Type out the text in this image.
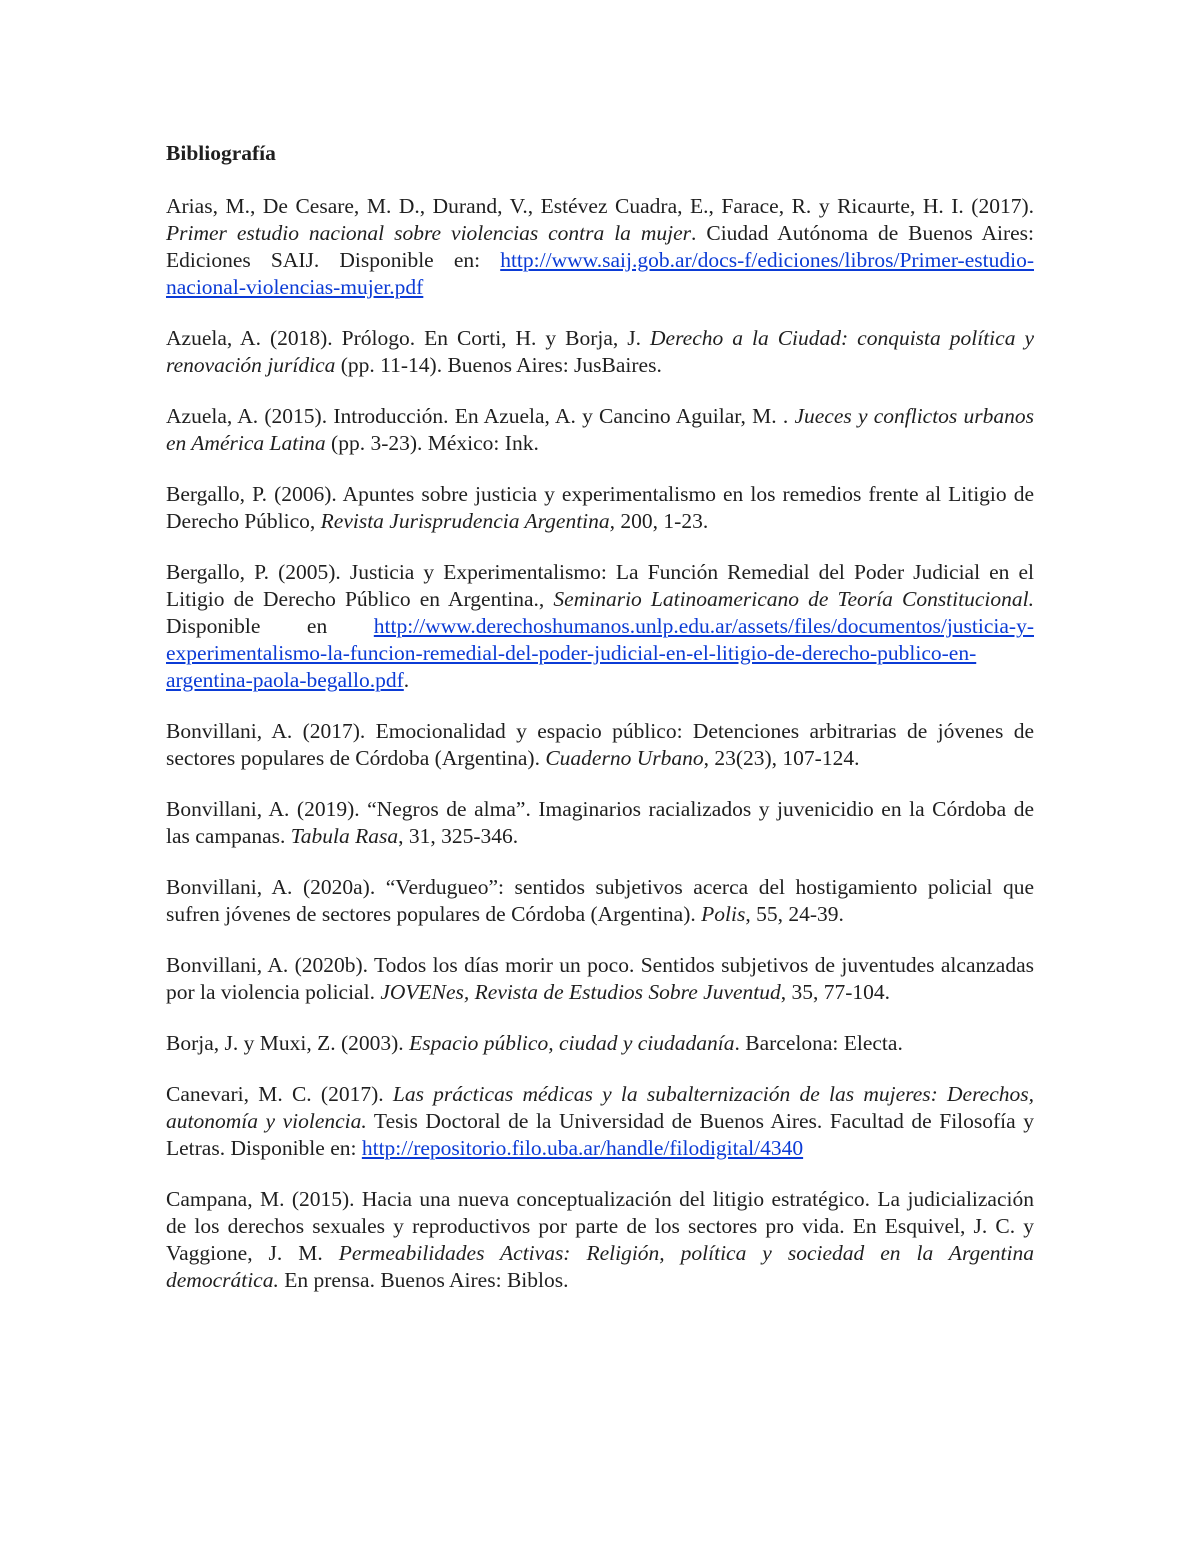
Bibliografía
Arias, M., De Cesare, M. D., Durand, V., Estévez Cuadra, E., Farace, R. y Ricaurte, H. I. (2017). Primer estudio nacional sobre violencias contra la mujer. Ciudad Autónoma de Buenos Aires: Ediciones SAIJ. Disponible en: http://www.saij.gob.ar/docs-f/ediciones/libros/Primer-estudio-nacional-violencias-mujer.pdf
Azuela, A. (2018). Prólogo. En Corti, H. y Borja, J. Derecho a la Ciudad: conquista política y renovación jurídica (pp. 11-14). Buenos Aires: JusBaires.
Azuela, A. (2015). Introducción. En Azuela, A. y Cancino Aguilar, M. . Jueces y conflictos urbanos en América Latina (pp. 3-23). México: Ink.
Bergallo, P. (2006). Apuntes sobre justicia y experimentalismo en los remedios frente al Litigio de Derecho Público, Revista Jurisprudencia Argentina, 200, 1-23.
Bergallo, P. (2005). Justicia y Experimentalismo: La Función Remedial del Poder Judicial en el Litigio de Derecho Público en Argentina., Seminario Latinoamericano de Teoría Constitucional. Disponible en http://www.derechoshumanos.unlp.edu.ar/assets/files/documentos/justicia-y-experimentalismo-la-funcion-remedial-del-poder-judicial-en-el-litigio-de-derecho-publico-en-argentina-paola-begallo.pdf.
Bonvillani, A. (2017). Emocionalidad y espacio público: Detenciones arbitrarias de jóvenes de sectores populares de Córdoba (Argentina). Cuaderno Urbano, 23(23), 107-124.
Bonvillani, A. (2019). “Negros de alma”. Imaginarios racializados y juvenicidio en la Córdoba de las campanas. Tabula Rasa, 31, 325-346.
Bonvillani, A. (2020a). “Verdugueo”: sentidos subjetivos acerca del hostigamiento policial que sufren jóvenes de sectores populares de Córdoba (Argentina). Polis, 55, 24-39.
Bonvillani, A. (2020b). Todos los días morir un poco. Sentidos subjetivos de juventudes alcanzadas por la violencia policial. JOVENes, Revista de Estudios Sobre Juventud, 35, 77-104.
Borja, J. y Muxi, Z. (2003). Espacio público, ciudad y ciudadanía. Barcelona: Electa.
Canevari, M. C. (2017). Las prácticas médicas y la subalternización de las mujeres: Derechos, autonomía y violencia. Tesis Doctoral de la Universidad de Buenos Aires. Facultad de Filosofía y Letras. Disponible en: http://repositorio.filo.uba.ar/handle/filodigital/4340
Campana, M. (2015). Hacia una nueva conceptualización del litigio estratégico. La judicialización de los derechos sexuales y reproductivos por parte de los sectores pro vida. En Esquivel, J. C. y Vaggione, J. M. Permeabilidades Activas: Religión, política y sociedad en la Argentina democrática. En prensa. Buenos Aires: Biblos.
